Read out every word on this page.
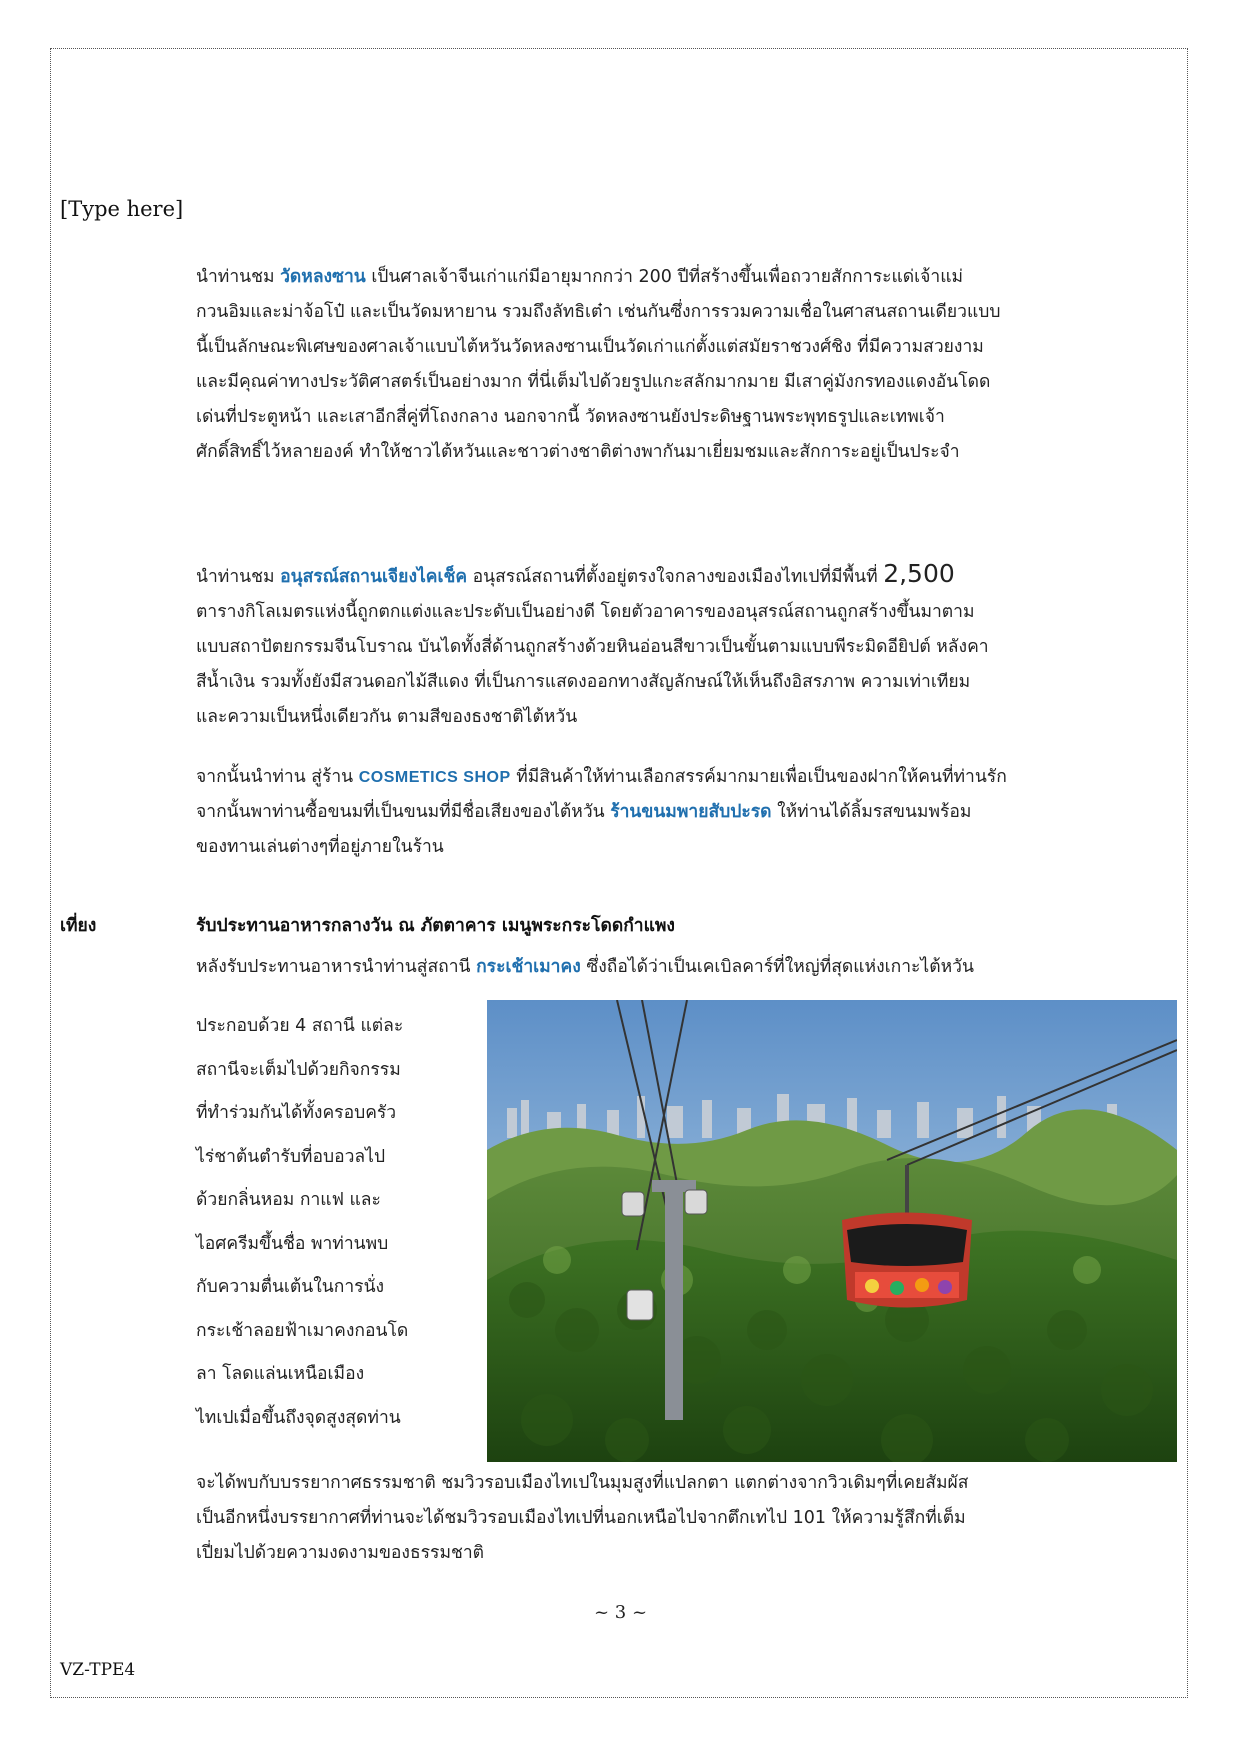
[Type here]
นำท่านชม วัดหลงซาน เป็นศาลเจ้าจีนเก่าแก่มีอายุมากกว่า 200 ปีที่สร้างขึ้นเพื่อถวายสักการะแด่เจ้าแม่
กวนอิมและม่าจ้อโป๋ และเป็นวัดมหายาน รวมถึงลัทธิเต๋า เช่นกันซึ่งการรวมความเชื่อในศาสนสถานเดียวแบบ
นี้เป็นลักษณะพิเศษของศาลเจ้าแบบไต้หวันวัดหลงซานเป็นวัดเก่าแก่ตั้งแต่สมัยราชวงศ์ชิง ที่มีความสวยงาม
และมีคุณค่าทางประวัติศาสตร์เป็นอย่างมาก ที่นี่เต็มไปด้วยรูปแกะสลักมากมาย มีเสาคู่มังกรทองแดงอันโดด
เด่นที่ประตูหน้า และเสาอีกสี่คู่ที่โถงกลาง นอกจากนี้ วัดหลงซานยังประดิษฐานพระพุทธรูปและเทพเจ้า
ศักดิ์สิทธิ์ไว้หลายองค์ ทำให้ชาวไต้หวันและชาวต่างชาติต่างพากันมาเยี่ยมชมและสักการะอยู่เป็นประจำ
นำท่านชม อนุสรณ์สถานเจียงไคเช็ค อนุสรณ์สถานที่ตั้งอยู่ตรงใจกลางของเมืองไทเปที่มีพื้นที่ 2,500
ตารางกิโลเมตรแห่งนี้ถูกตกแต่งและประดับเป็นอย่างดี โดยตัวอาคารของอนุสรณ์สถานถูกสร้างขึ้นมาตาม
แบบสถาปัตยกรรมจีนโบราณ บันไดทั้งสี่ด้านถูกสร้างด้วยหินอ่อนสีขาวเป็นขั้นตามแบบพีระมิดอียิปต์ หลังคา
สีน้ำเงิน รวมทั้งยังมีสวนดอกไม้สีแดง ที่เป็นการแสดงออกทางสัญลักษณ์ให้เห็นถึงอิสรภาพ ความเท่าเทียม
และความเป็นหนึ่งเดียวกัน ตามสีของธงชาติไต้หวัน
จากนั้นนำท่าน สู่ร้าน COSMETICS SHOP ที่มีสินค้าให้ท่านเลือกสรรค์มากมายเพื่อเป็นของฝากให้คนที่ท่านรัก
จากนั้นพาท่านซื้อขนมที่เป็นขนมที่มีชื่อเสียงของไต้หวัน ร้านขนมพายสับปะรด ให้ท่านได้ลิ้มรสขนมพร้อม
ของทานเล่นต่างๆที่อยู่ภายในร้าน
เที่ยง	รับประทานอาหารกลางวัน ณ ภัตตาคาร เมนูพระกระโดดกำแพง
หลังรับประทานอาหารนำท่านสู่สถานี กระเช้าเมาคง ซึ่งถือได้ว่าเป็นเคเบิลคาร์ที่ใหญ่ที่สุดแห่งเกาะไต้หวัน
ประกอบด้วย 4 สถานี แต่ละ
สถานีจะเต็มไปด้วยกิจกรรม
ที่ทำร่วมกันได้ทั้งครอบครัว
ไร่ชาต้นตำรับที่อบอวลไป
ด้วยกลิ่นหอม กาแฟ และ
ไอศครีมขึ้นชื่อ พาท่านพบ
กับความตื่นเต้นในการนั่ง
กระเช้าลอยฟ้าเมาคงกอนโด
ลา โลดแล่นเหนือเมือง
ไทเปเมื่อขึ้นถึงจุดสูงสุดท่าน
จะได้พบกับบรรยากาศธรรมชาติ ชมวิวรอบเมืองไทเปในมุมสูงที่แปลกตา แตกต่างจากวิวเดิมๆที่เคยสัมผัส
เป็นอีกหนึ่งบรรยากาศที่ท่านจะได้ชมวิวรอบเมืองไทเปที่นอกเหนือไปจากตึกเทไป 101 ให้ความรู้สึกที่เต็ม
เปี่ยมไปด้วยความงดงามของธรรมชาติ
~ 3 ~
VZ-TPE4
